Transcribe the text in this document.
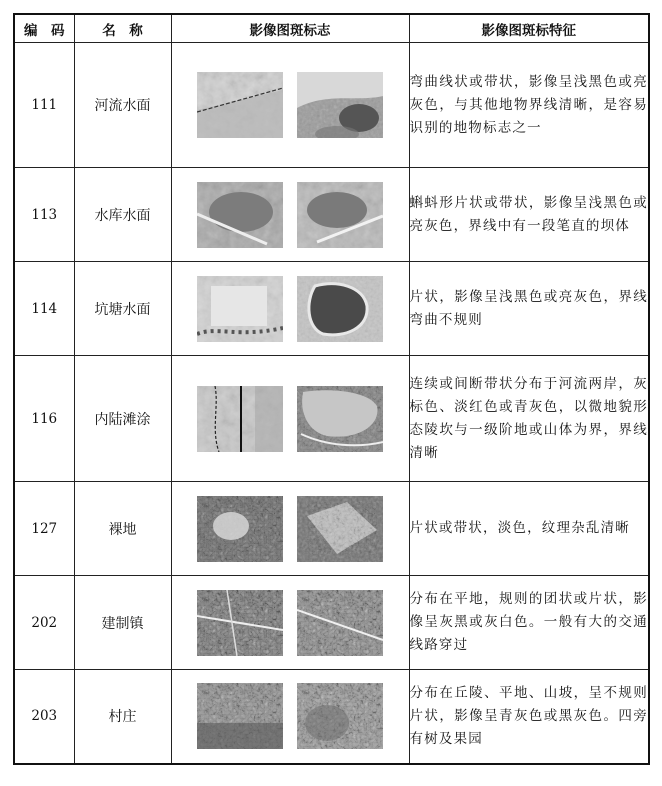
编　码	名　称	影像图斑标志	影像图斑标特征
111	河流水面		弯曲线状或带状，影像呈浅黑色或亮灰色，与其他地物界线清晰，是容易识别的地物标志之一
113	水库水面		蝌蚪形片状或带状，影像呈浅黑色或亮灰色，界线中有一段笔直的坝体
114	坑塘水面		片状，影像呈浅黑色或亮灰色，界线弯曲不规则
116	内陆滩涂		连续或间断带状分布于河流两岸，灰标色、淡红色或青灰色，以微地貌形态陵坎与一级阶地或山体为界，界线清晰
127	裸地		片状或带状，淡色，纹理杂乱清晰
202	建制镇		分布在平地，规则的团状或片状，影像呈灰黑或灰白色。一般有大的交通线路穿过
203	村庄		分布在丘陵、平地、山坡，呈不规则片状，影像呈青灰色或黑灰色。四旁有树及果园
